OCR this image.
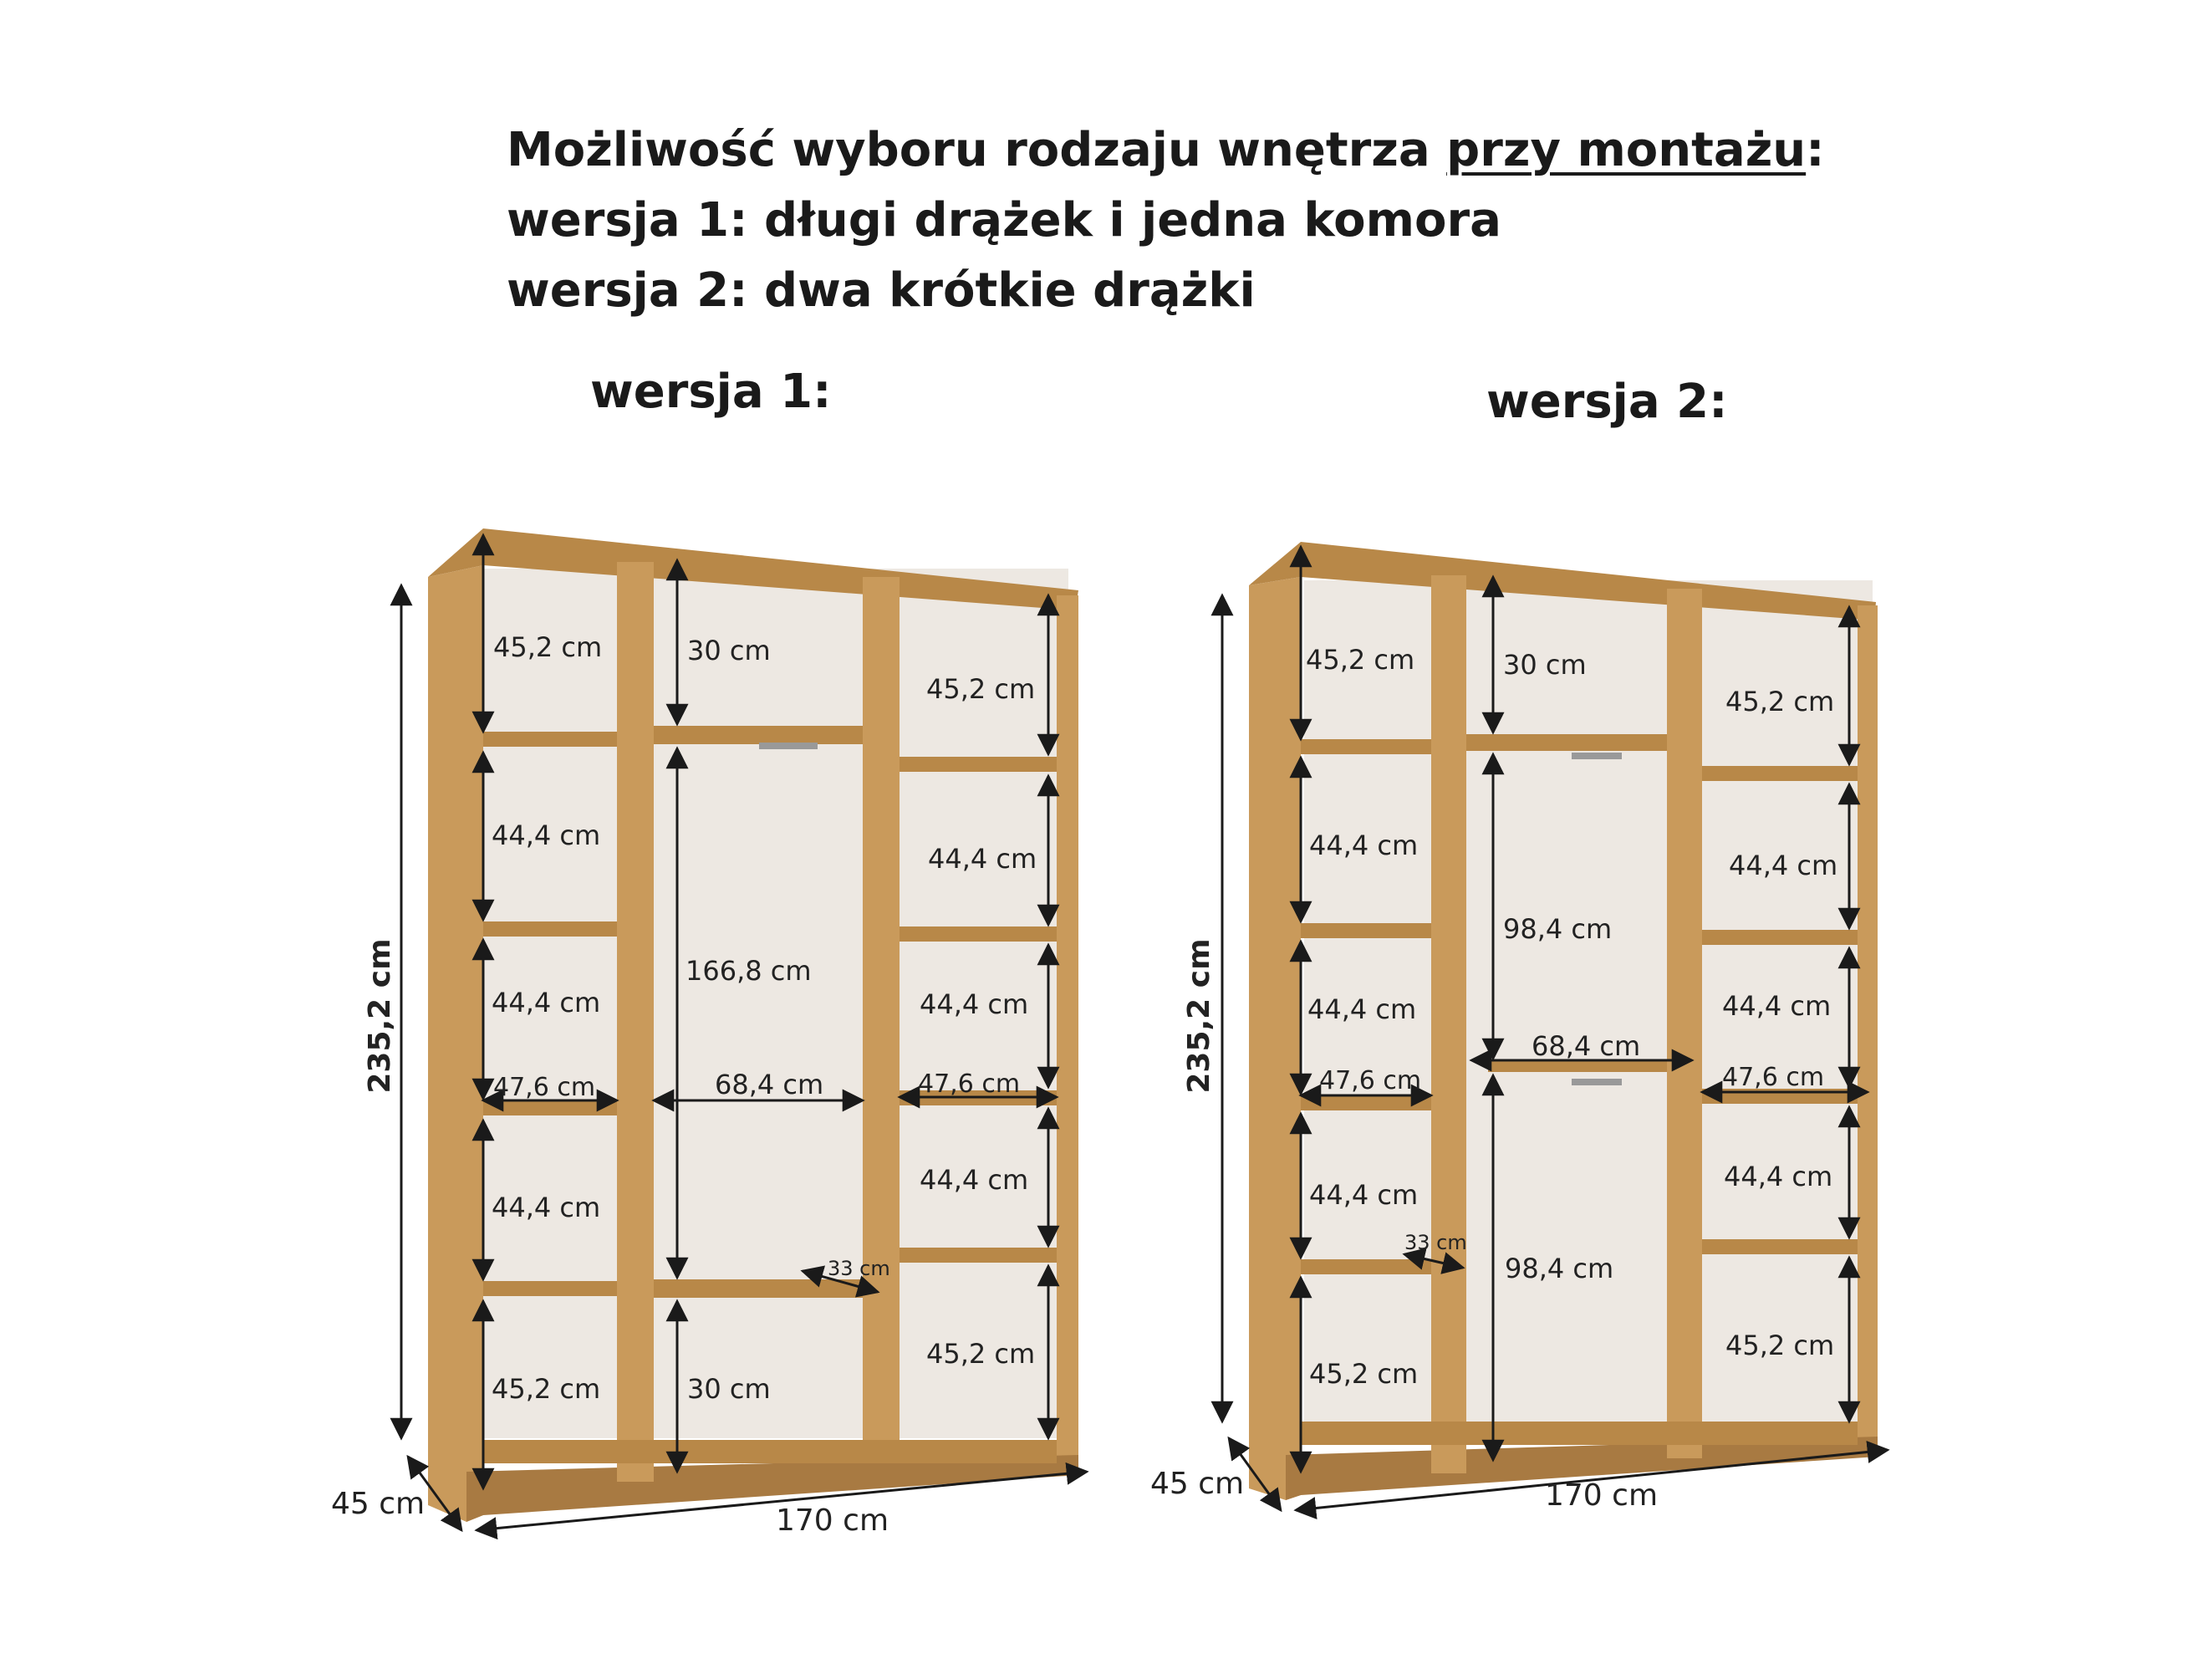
Możliwość wyboru rodzaju wnętrza przy montażu:
wersja 1: długi drążek i jedna komora
wersja 2: dwa krótkie drążki
wersja 1:	wersja 2:
235,2 cm
45 cm	170 cm
45,2 cm
44,4 cm
44,4 cm
47,6 cm
44,4 cm
45,2 cm
30 cm
166,8 cm
68,4 cm
33 cm
30 cm
45,2 cm
44,4 cm
44,4 cm
47,6 cm
44,4 cm
45,2 cm
235,2 cm
45 cm	170 cm
45,2 cm
44,4 cm
44,4 cm
47,6 cm
44,4 cm
33 cm
45,2 cm
30 cm
98,4 cm
68,4 cm
98,4 cm
45,2 cm
44,4 cm
44,4 cm
47,6 cm
44,4 cm
45,2 cm
